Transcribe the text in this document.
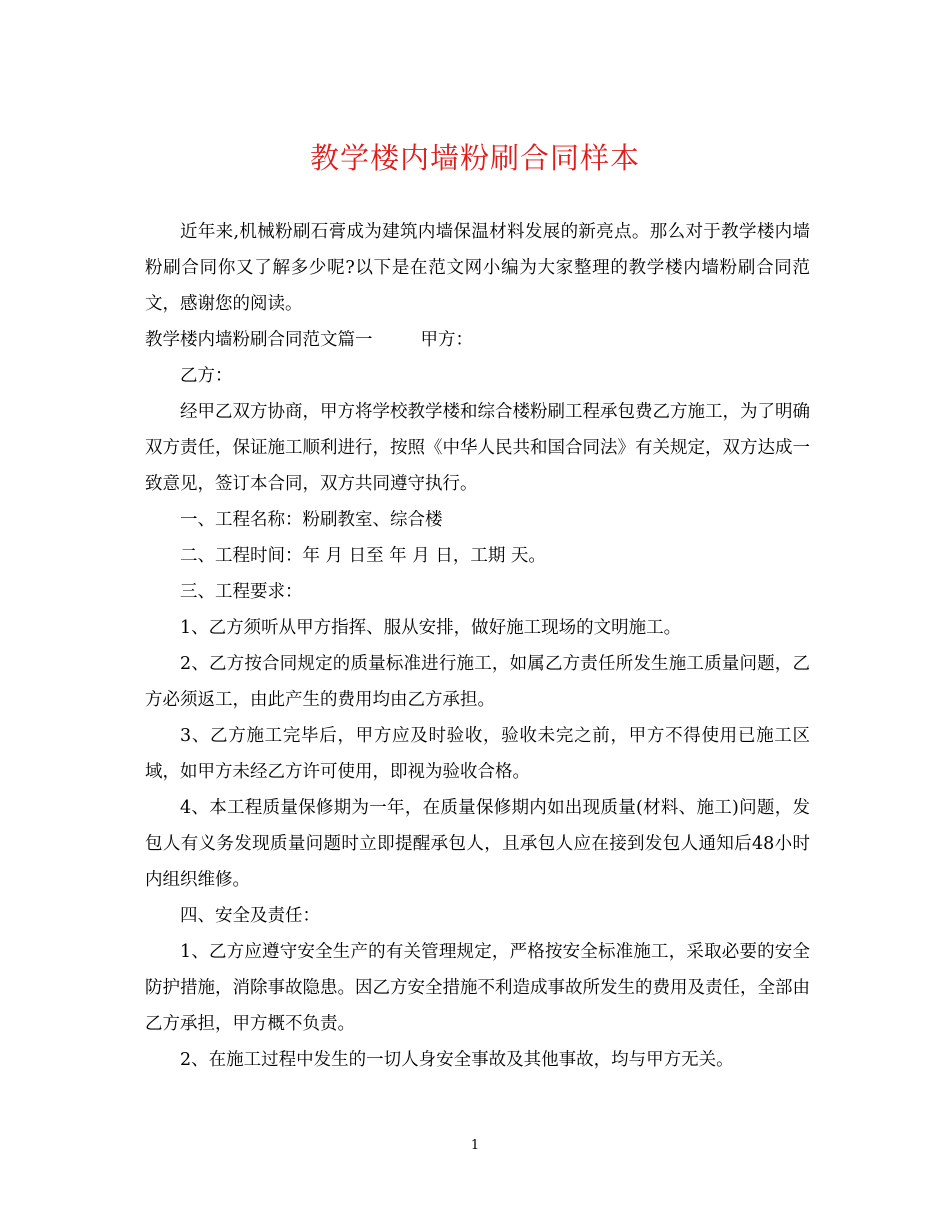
教学楼内墙粉刷合同样本

近年来,机械粉刷石膏成为建筑内墙保温材料发展的新亮点。那么对于教学楼内墙粉刷合同你又了解多少呢?以下是在范文网小编为大家整理的教学楼内墙粉刷合同范文，感谢您的阅读。

教学楼内墙粉刷合同范文篇一	甲方：

乙方：

经甲乙双方协商，甲方将学校教学楼和综合楼粉刷工程承包费乙方施工，为了明确双方责任，保证施工顺利进行，按照《中华人民共和国合同法》有关规定，双方达成一致意见，签订本合同，双方共同遵守执行。

一、工程名称：粉刷教室、综合楼

二、工程时间：年 月 日至 年 月 日，工期 天。

三、工程要求：

1、乙方须听从甲方指挥、服从安排，做好施工现场的文明施工。

2、乙方按合同规定的质量标准进行施工，如属乙方责任所发生施工质量问题，乙方必须返工，由此产生的费用均由乙方承担。

3、乙方施工完毕后，甲方应及时验收，验收未完之前，甲方不得使用已施工区域，如甲方未经乙方许可使用，即视为验收合格。

4、本工程质量保修期为一年，在质量保修期内如出现质量(材料、施工)问题，发包人有义务发现质量问题时立即提醒承包人，且承包人应在接到发包人通知后48小时内组织维修。

四、安全及责任：

1、乙方应遵守安全生产的有关管理规定，严格按安全标准施工，采取必要的安全防护措施，消除事故隐患。因乙方安全措施不利造成事故所发生的费用及责任，全部由乙方承担，甲方概不负责。

2、在施工过程中发生的一切人身安全事故及其他事故，均与甲方无关。

1
